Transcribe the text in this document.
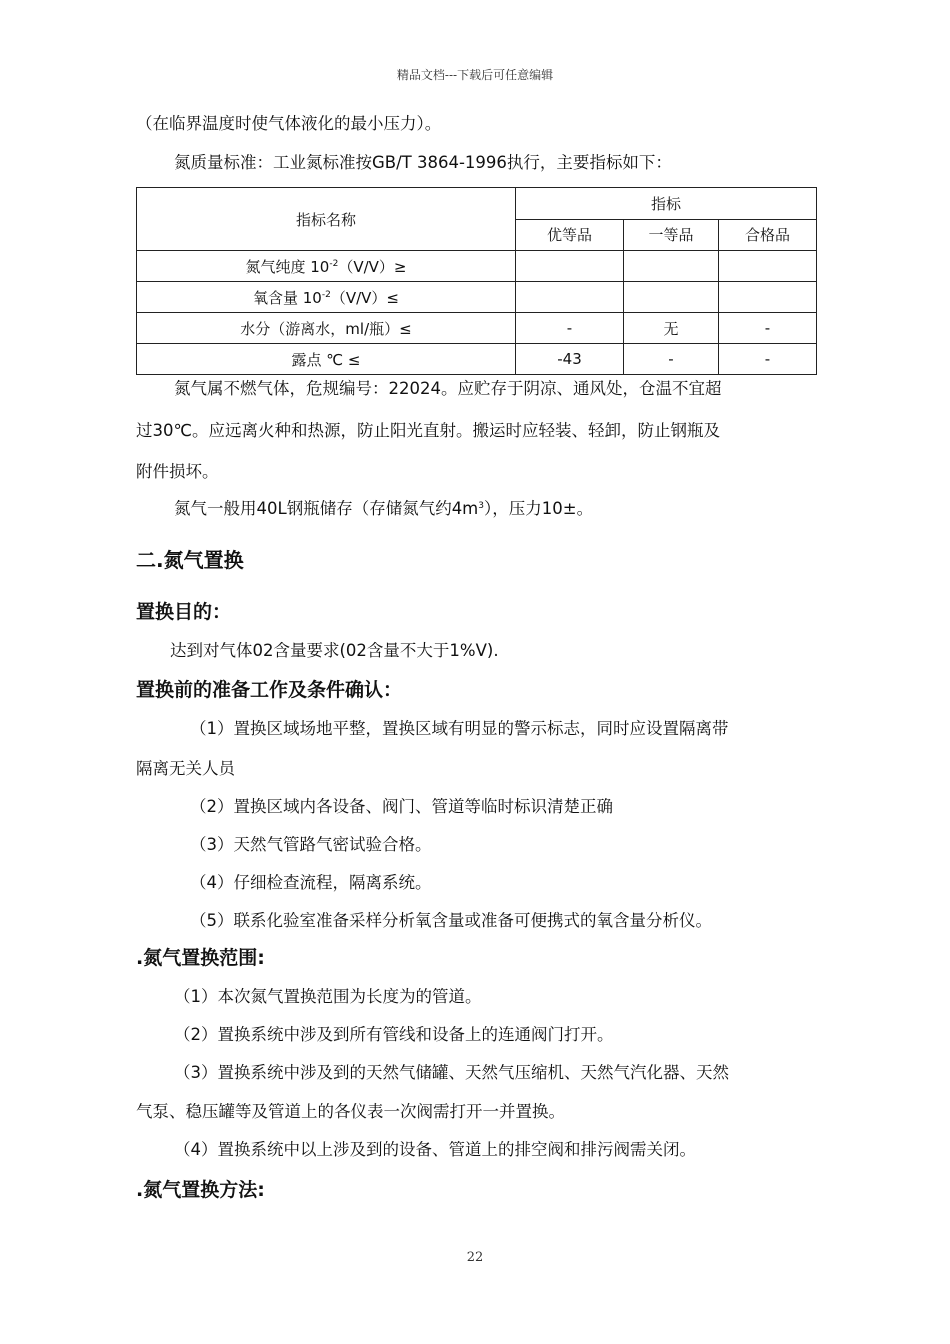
精品文档---下载后可任意编辑
（在临界温度时使气体液化的最小压力）。
氮质量标准：工业氮标准按GB/T 3864-1996执行，主要指标如下：
指标名称	指标		
	优等品	一等品	合格品
氮气纯度 $10^{-2}(V/V)\ge$			
氧含量 $10^{-2}(V/V)\le$			
水分（游离水，ml/瓶）≤	-	无	-
露点 ℃ ≤	-43	-	-
氮气属不燃气体，危规编号：22024。应贮存于阴凉、通风处，仓温不宜超
过30℃。应远离火种和热源，防止阳光直射。搬运时应轻装、轻卸，防止钢瓶及
附件损坏。
氮气一般用40L钢瓶储存（存储氮气约$4m^3$），压力10±。
二.氮气置换
置换目的：
达到对气体02含量要求(02含量不大于1%V).
置换前的准备工作及条件确认：
（1）置换区域场地平整，置换区域有明显的警示标志，同时应设置隔离带
隔离无关人员
（2）置换区域内各设备、阀门、管道等临时标识清楚正确
（3）天然气管路气密试验合格。
（4）仔细检查流程，隔离系统。
（5）联系化验室准备采样分析氧含量或准备可便携式的氧含量分析仪。
.氮气置换范围:
（1）本次氮气置换范围为长度为的管道。
（2）置换系统中涉及到所有管线和设备上的连通阀门打开。
（3）置换系统中涉及到的天然气储罐、天然气压缩机、天然气汽化器、天然
气泵、稳压罐等及管道上的各仪表一次阀需打开一并置换。
（4）置换系统中以上涉及到的设备、管道上的排空阀和排污阀需关闭。
.氮气置换方法:
22
